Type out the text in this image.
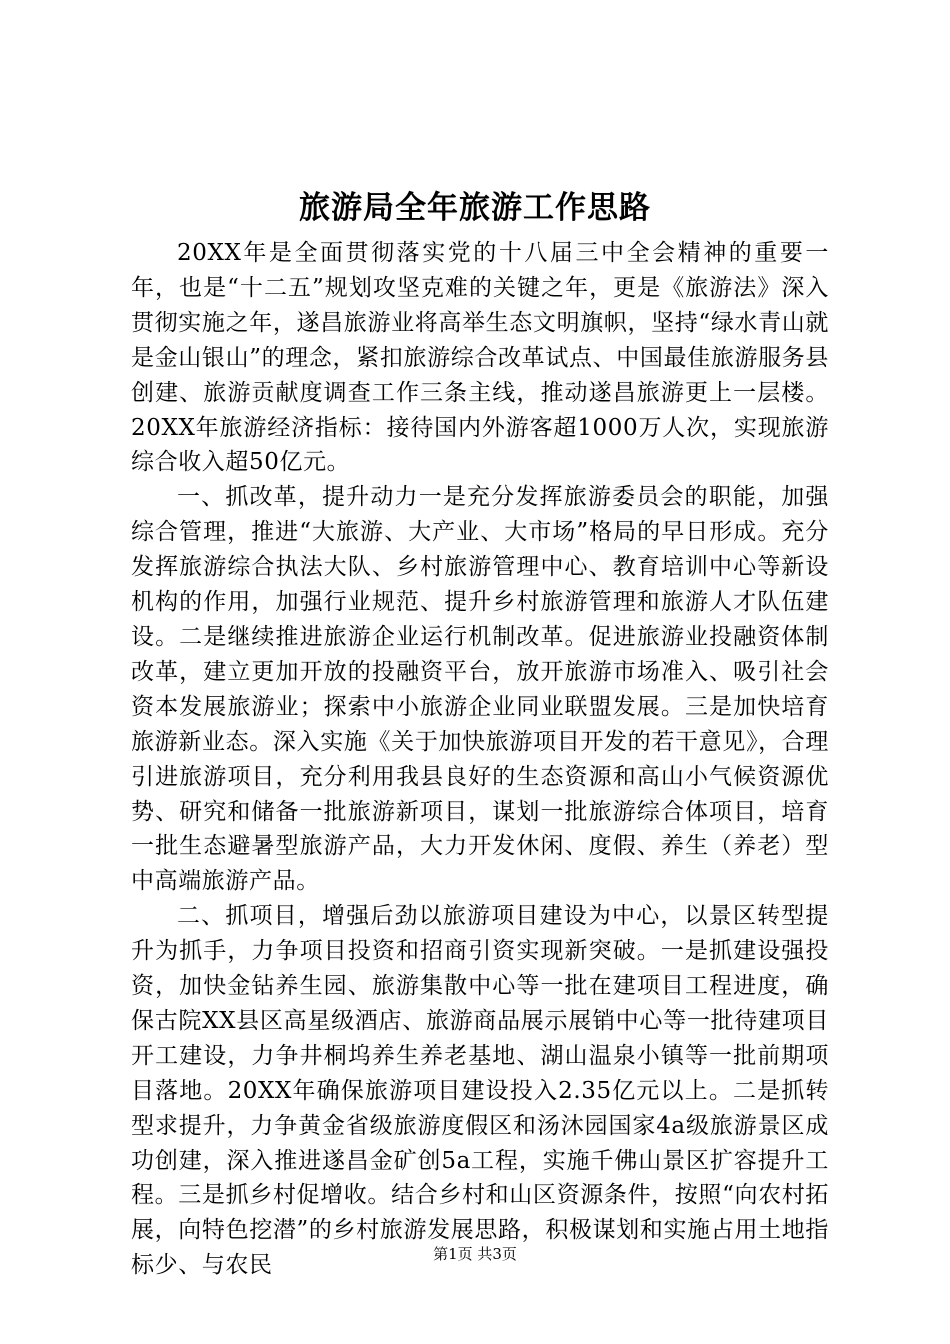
旅游局全年旅游工作思路

20XX年是全面贯彻落实党的十八届三中全会精神的重要一年，也是“十二五”规划攻坚克难的关键之年，更是《旅游法》深入贯彻实施之年，遂昌旅游业将高举生态文明旗帜，坚持“绿水青山就是金山银山”的理念，紧扣旅游综合改革试点、中国最佳旅游服务县创建、旅游贡献度调查工作三条主线，推动遂昌旅游更上一层楼。20XX年旅游经济指标：接待国内外游客超1000万人次，实现旅游综合收入超50亿元。

一、抓改革，提升动力一是充分发挥旅游委员会的职能，加强综合管理，推进“大旅游、大产业、大市场”格局的早日形成。充分发挥旅游综合执法大队、乡村旅游管理中心、教育培训中心等新设机构的作用，加强行业规范、提升乡村旅游管理和旅游人才队伍建设。二是继续推进旅游企业运行机制改革。促进旅游业投融资体制改革，建立更加开放的投融资平台，放开旅游市场准入、吸引社会资本发展旅游业；探索中小旅游企业同业联盟发展。三是加快培育旅游新业态。深入实施《关于加快旅游项目开发的若干意见》，合理引进旅游项目，充分利用我县良好的生态资源和高山小气候资源优势、研究和储备一批旅游新项目，谋划一批旅游综合体项目，培育一批生态避暑型旅游产品，大力开发休闲、度假、养生（养老）型中高端旅游产品。

二、抓项目，增强后劲以旅游项目建设为中心，以景区转型提升为抓手，力争项目投资和招商引资实现新突破。一是抓建设强投资，加快金钻养生园、旅游集散中心等一批在建项目工程进度，确保古院XX县区高星级酒店、旅游商品展示展销中心等一批待建项目开工建设，力争井桐坞养生养老基地、湖山温泉小镇等一批前期项目落地。20XX年确保旅游项目建设投入2.35亿元以上。二是抓转型求提升，力争黄金省级旅游度假区和汤沐园国家4a级旅游景区成功创建，深入推进遂昌金矿创5a工程，实施千佛山景区扩容提升工程。三是抓乡村促增收。结合乡村和山区资源条件，按照“向农村拓展，向特色挖潜”的乡村旅游发展思路，积极谋划和实施占用土地指标少、与农民	第1页 共3页
